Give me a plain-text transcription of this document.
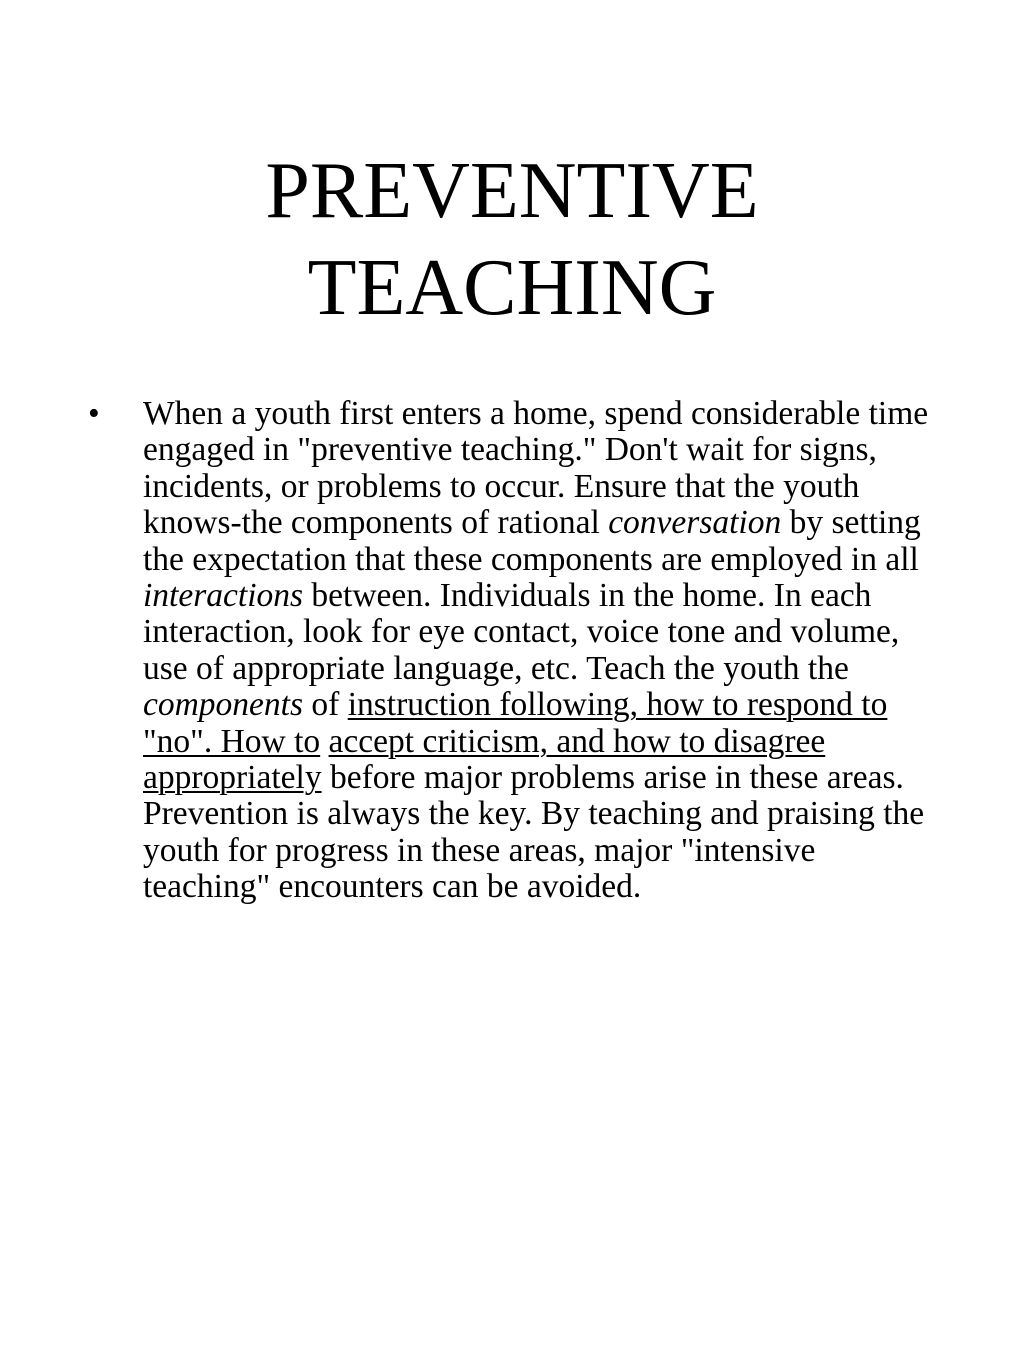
PREVENTIVE
TEACHING
•	When a youth first enters a home, spend considerable time engaged in "preventive teaching." Don't wait for signs, incidents, or problems to occur. Ensure that the youth knows-the components of rational conversation by setting the expectation that these components are employed in all interactions between. Individuals in the home. In each interaction, look for eye contact, voice tone and volume, use of appropriate language, etc. Teach the youth the components of instruction following, how to respond to "no". How to accept criticism, and how to disagree appropriately before major problems arise in these areas. Prevention is always the key. By teaching and praising the youth for progress in these areas, major "intensive teaching" encounters can be avoided.
